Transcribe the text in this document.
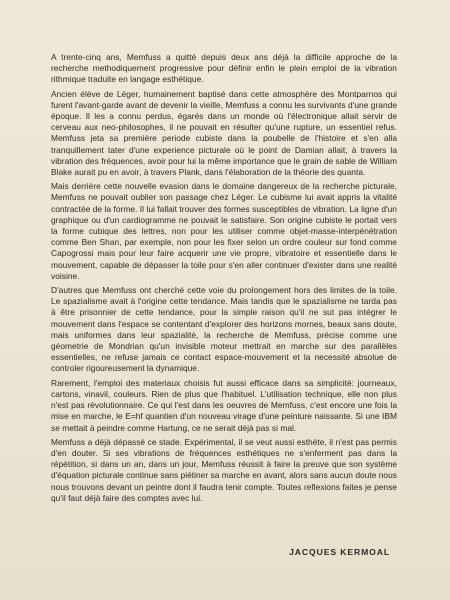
A trente-cinq ans, Memfuss a quitté depuis deux ans déjà la difficile approche de la recherche methodiquement progressive pour définir enfin le plein emploi de la vibration rithmique traduite en langage esthétique.

Ancien élève de Léger, humainement baptisé dans cette atmosphère des Montparnos qui furent l'avant-garde avant de devenir la vieille, Memfuss a connu les survivants d'une grande époque. Il les a connu perdus, égarés dans un monde où l'électronique allait servir de cerveau aux neo-philosophes, il ne pouvait en résulter qu'une rupture, un essentiel refus. Memfuss jeta sa première periode cubiste dans la poubelle de l'histoire et s'en alla tranquillement tater d'une experience picturale où le point de Damian allait, à travers la vibration des fréquences, avoir pour lui la même importance que le grain de sable de William Blake aurait pu en avoir, à travers Plank, dans l'élaboration de la théorie des quanta.

Mais derrière cette nouvelle evasion dans le domaine dangereux de la recherche picturale, Memfuss ne pouvait oublier son passage chez Léger. Le cubisme lui avait appris la vitalité contractée de la forme. Il lui fallait trouver des formes susceptibles de vibration. La ligne d'un graphique ou d'un cardiogramme ne pouvait le satisfaire. Son origine cubiste le portait vers la forme cubique des lettres, non pour les utiliser comme objet-masse-interpénétration comme Ben Shan, par exemple, non pour les fixer selon un ordre couleur sur fond comme Capogrossi mais pour leur faire acquerir une vie propre, vibratoire et essentielle dans le mouvement, capable de dépasser la toile pour s'en aller continuer d'exister dans une realité voisine.

D'autres que Memfuss ont cherché cette voie du prolongement hors des limites de la toile. Le spazialisme avait à l'origine cette tendance. Mais tandis que le spazialisme ne tarda pas à être prisonnier de cette tendance, pour la simple raison qu'il ne sut pas intégrer le mouvement dans l'espace se contentant d'explorer des horizons mornes, beaux sans doute, mais uniformes dans leur spazialité, la recherche de Memfuss, précise comme une géometrie de Mondrian qu'un invisible moteur mettrait en marche sur des parallèles essentielles, ne refuse jamais ce contact espace-mouvement et la necessité absolue de controler rigoureusement la dynamique.

Rarement, l'emploi des materiaux choisis fut aussi efficace dans sa simplicité: journeaux, cartons, vinavil, couleurs. Rien de plus que l'habituel. L'utilisation technique, elle non plus n'est pas révolutionnaire. Ce qui l'est dans les oeuvres de Memfuss, c'est encore une fois la mise en marche, le E=hf quantien d'un nouveau virage d'une peinture naissante. Si une IBM se mettait à peindre comme Hartung, ce ne serait déjà pas si mal.

Memfuss a déjà dépassé ce stade. Expérimental, il se veut aussi esthète, il n'est pas permis d'en douter. Si ses vibrations de fréquences esthétiques ne s'enferment pas dans la répétition, si dans un an, dans un jour, Memfuss réussit à faire la preuve que son système d'équation picturale continue sans piétiner sa marche en avant, alors sans aucun doute nous nous trouvons devant un peintre dont il faudra tenir compte. Toutes reflexions faites je pense qu'il faut déjà faire des comptes avec lui.

JACQUES KERMOAL
